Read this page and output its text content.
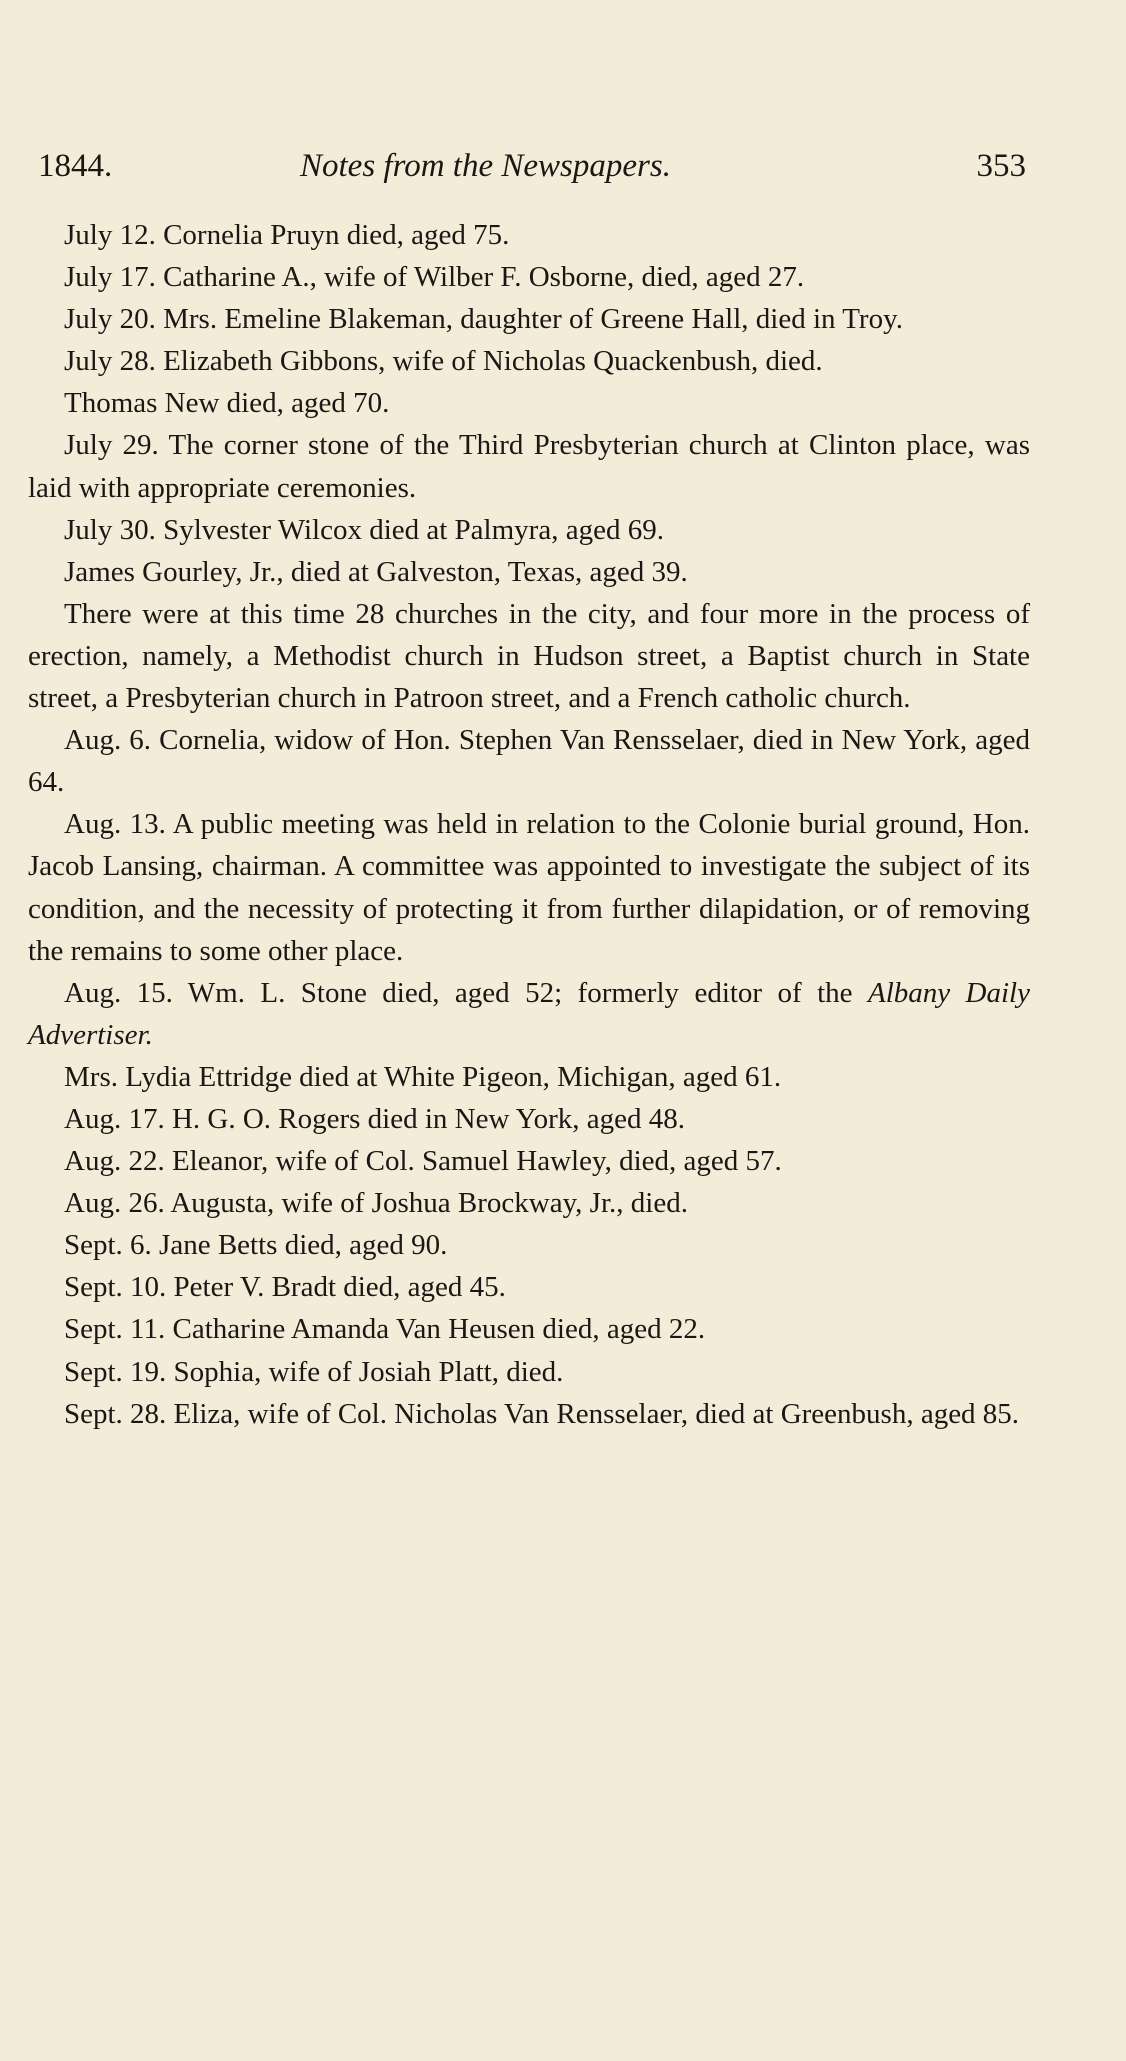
1844.	Notes from the Newspapers.	353

July 12. Cornelia Pruyn died, aged 75.

July 17. Catharine A., wife of Wilber F. Osborne, died, aged 27.

July 20. Mrs. Emeline Blakeman, daughter of Greene Hall, died in Troy.

July 28. Elizabeth Gibbons, wife of Nicholas Quackenbush, died.

Thomas New died, aged 70.

July 29. The corner stone of the Third Presbyterian church at Clinton place, was laid with appropriate ceremonies.

July 30. Sylvester Wilcox died at Palmyra, aged 69.

James Gourley, Jr., died at Galveston, Texas, aged 39.

There were at this time 28 churches in the city, and four more in the process of erection, namely, a Methodist church in Hudson street, a Baptist church in State street, a Presbyterian church in Patroon street, and a French catholic church.

Aug. 6. Cornelia, widow of Hon. Stephen Van Rensselaer, died in New York, aged 64.

Aug. 13. A public meeting was held in relation to the Colonie burial ground, Hon. Jacob Lansing, chairman. A committee was appointed to investigate the subject of its condition, and the necessity of protecting it from further dilapidation, or of removing the remains to some other place.

Aug. 15. Wm. L. Stone died, aged 52; formerly editor of the Albany Daily Advertiser.

Mrs. Lydia Ettridge died at White Pigeon, Michigan, aged 61.

Aug. 17. H. G. O. Rogers died in New York, aged 48.

Aug. 22. Eleanor, wife of Col. Samuel Hawley, died, aged 57.

Aug. 26. Augusta, wife of Joshua Brockway, Jr., died.

Sept. 6. Jane Betts died, aged 90.

Sept. 10. Peter V. Bradt died, aged 45.

Sept. 11. Catharine Amanda Van Heusen died, aged 22.

Sept. 19. Sophia, wife of Josiah Platt, died.

Sept. 28. Eliza, wife of Col. Nicholas Van Rensselaer, died at Greenbush, aged 85.
